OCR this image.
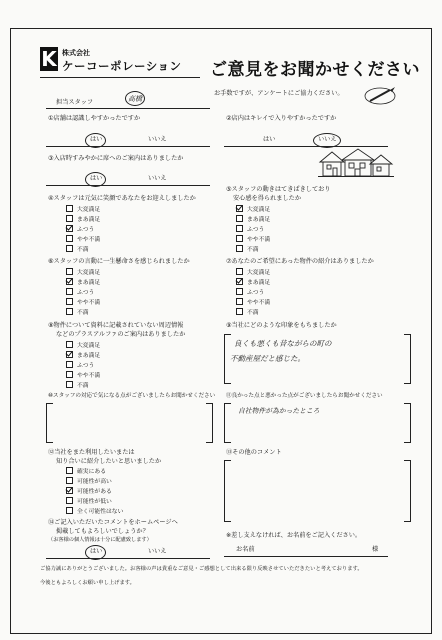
K 株式会社
ケーコーポレーション ご意見をお聞かせください
お手数ですが、アンケートにご協力ください。
担当スタッフ	高橋
①店舗は認識しやすかったですか
はい	いいえ
②店内はキレイで入りやすかったですか
はい	いいえ
③入店時すみやかに席へのご案内はありましたか
はい	いいえ
④スタッフは元気に笑顔であなたをお迎えしましたか
大変満足
まあ満足
ふつう
やや不満
不満
⑤スタッフの動きはてきぱきしており
安心感を得られましたか
大変満足
まあ満足
ふつう
やや不満
不満
⑥スタッフの言動に一生懸命さを感じられましたか
大変満足
まあ満足
ふつう
やや不満
不満
⑦あなたのご希望にあった物件の紹介はありましたか
大変満足
まあ満足
ふつう
やや不満
不満
⑧物件について資料に記載されていない周辺情報
などのプラスアルファのご案内はありましたか
大変満足
まあ満足
ふつう
やや不満
不満
⑨当社にどのような印象をもちましたか
良くも悪くも昔ながらの町の
不動産屋だと感じた。
⑩スタッフの対応で気になる点がございましたらお聞かせください ⑪良かった点と悪かった点がございましたらお聞かせください
自社物件が為かったところ
⑫当社をまた利用したいまたは
知り合いに紹介したいと思いましたか
確実にある
可能性が高い
可能性がある
可能性が低い
全く可能性はない
⑬その他のコメント
⑭ご記入いただいたコメントをホームページへ
掲載してもよろしいでしょうか？
（お客様の個人情報は十分に配慮致します）
はい	いいえ
※差し支えなければ、お名前をご記入ください。
お名前	様
ご協力誠にありがとうございました。お客様の声は貴重なご意見・ご感想として出来る限り反映させていただきたいと考えております。
今後ともよろしくお願い申し上げます。
